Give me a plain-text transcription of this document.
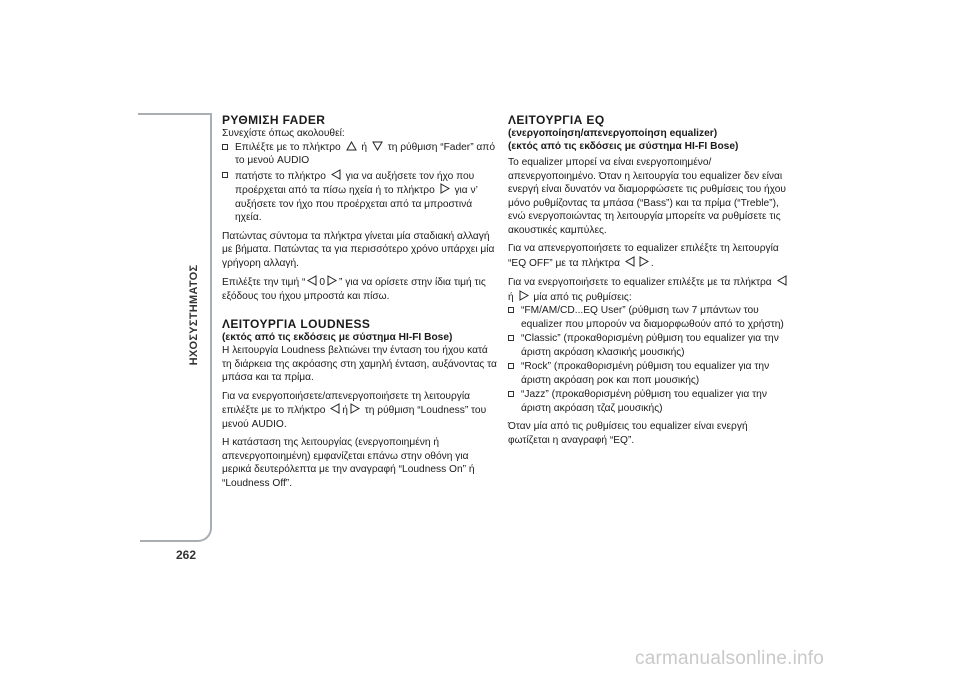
ΗΧΟΣΥΣΤΗΜΑΤΟΣ
262
ΡΥΘΜΙΣΗ FADER

Συνεχίστε όπως ακολουθεί:

Επιλέξτε με το πλήκτρο ή τη ρύθμιση “Fader” από το μενού AUDIO
πατήστε το πλήκτρο για να αυξήσετε τον ήχο που προέρχεται από τα πίσω ηχεία ή το πλήκτρο για ν’ αυξήσετε τον ήχο που προέρχεται από τα μπροστινά ηχεία.

Πατώντας σύντομα τα πλήκτρα γίνεται μία σταδιακή αλλαγή με βήματα. Πατώντας τα για περισσότερο χρόνο υπάρχει μία γρήγορη αλλαγή.

Επιλέξτε την τιμή “ 0 ” για να ορίσετε στην ίδια τιμή τις εξόδους του ήχου μπροστά και πίσω.

ΛΕΙΤΟΥΡΓΙΑ LOUDNESS

(εκτός από τις εκδόσεις με σύστημα HI-FI Bose)

Η λειτουργία Loudness βελτιώνει την ένταση του ήχου κατά τη διάρκεια της ακρόασης στη χαμηλή ένταση, αυξάνοντας τα μπάσα και τα πρίμα.

Για να ενεργοποιήσετε/απενεργοποιήσετε τη λειτουργία επιλέξτε με το πλήκτρο ή τη ρύθμιση “Loudness” του μενού AUDIO.

Η κατάσταση της λειτουργίας (ενεργοποιημένη ή απενεργοποιημένη) εμφανίζεται επάνω στην οθόνη για μερικά δευτερόλεπτα με την αναγραφή “Loudness On” ή “Loudness Off”.

ΛΕΙΤΟΥΡΓΙΑ EQ

(ενεργοποίηση/απενεργοποίηση equalizer)

(εκτός από τις εκδόσεις με σύστημα HI-FI Bose)

Το equalizer μπορεί να είναι ενεργοποιημένο/απενεργοποιημένο. Όταν η λειτουργία του equalizer δεν είναι ενεργή είναι δυνατόν να διαμορφώσετε τις ρυθμίσεις του ήχου μόνο ρυθμίζοντας τα μπάσα (“Bass”) και τα πρίμα (“Treble”), ενώ ενεργοποιώντας τη λειτουργία μπορείτε να ρυθμίσετε τις ακουστικές καμπύλες.

Για να απενεργοποιήσετε το equalizer επιλέξτε τη λειτουργία “EQ OFF” με τα πλήκτρα	.

Για να ενεργοποιήσετε το equalizer επιλέξτε με τα πλήκτρα
ή μία από τις ρυθμίσεις:

“FM/AM/CD...EQ User” (ρύθμιση των 7 μπάντων του equalizer που μπορούν να διαμορφωθούν από το χρήστη)
“Classic” (προκαθορισμένη ρύθμιση του equalizer για την άριστη ακρόαση κλασικής μουσικής)
“Rock” (προκαθορισμένη ρύθμιση του equalizer για την άριστη ακρόαση ροκ και ποπ μουσικής)
“Jazz” (προκαθορισμένη ρύθμιση του equalizer για την άριστη ακρόαση τζαζ μουσικής)

Όταν μία από τις ρυθμίσεις του equalizer είναι ενεργή φωτίζεται η αναγραφή “EQ”.

carmanualsonline.info
